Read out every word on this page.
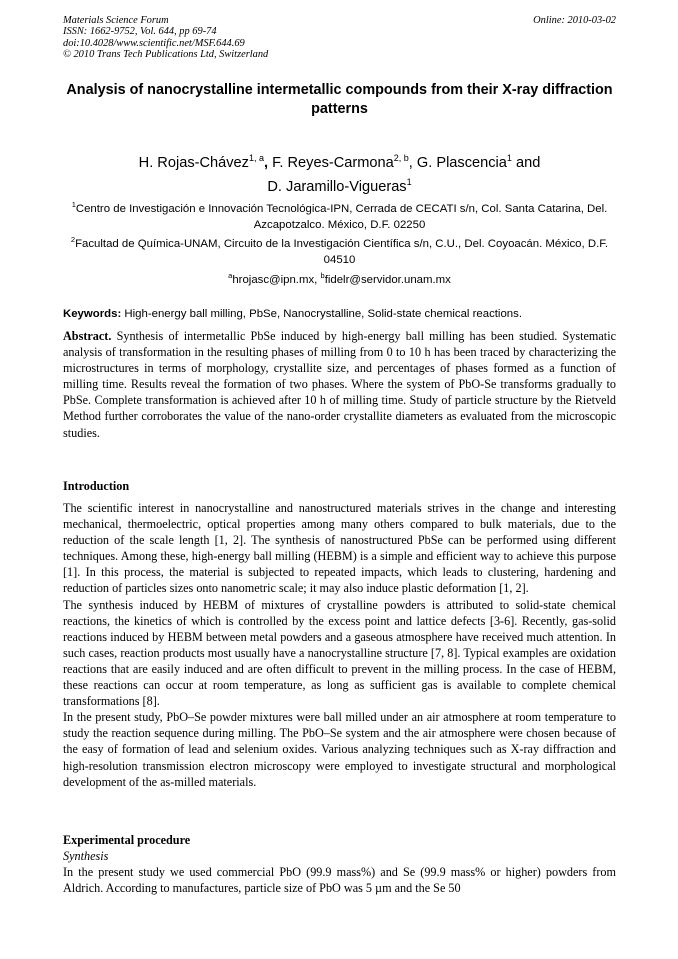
Materials Science Forum
ISSN: 1662-9752, Vol. 644, pp 69-74
doi:10.4028/www.scientific.net/MSF.644.69
© 2010 Trans Tech Publications Ltd, Switzerland
Online: 2010-03-02
Analysis of nanocrystalline intermetallic compounds from their X-ray diffraction patterns
H. Rojas-Chávez$^{1, a}$, F. Reyes-Carmona$^{2, b}$, G. Plascencia$^1$ and
D. Jaramillo-Vigueras$^1$
$^1$Centro de Investigación e Innovación Tecnológica-IPN, Cerrada de CECATI s/n, Col. Santa Catarina, Del. Azcapotzalco. México, D.F. 02250
$^2$Facultad de Química-UNAM, Circuito de la Investigación Científica s/n, C.U., Del. Coyoacán. México, D.F. 04510
$^a$hrojasc@ipn.mx, $^b$fidelr@servidor.unam.mx
Keywords: High-energy ball milling, PbSe, Nanocrystalline, Solid-state chemical reactions.
Abstract. Synthesis of intermetallic PbSe induced by high-energy ball milling has been studied. Systematic analysis of transformation in the resulting phases of milling from 0 to 10 h has been traced by characterizing the microstructures in terms of morphology, crystallite size, and percentages of phases formed as a function of milling time. Results reveal the formation of two phases. Where the system of PbO-Se transforms gradually to PbSe. Complete transformation is achieved after 10 h of milling time. Study of particle structure by the Rietveld Method further corroborates the value of the nano-order crystallite diameters as evaluated from the microscopic studies.
Introduction

The scientific interest in nanocrystalline and nanostructured materials strives in the change and interesting mechanical, thermoelectric, optical properties among many others compared to bulk materials, due to the reduction of the scale length [1, 2]. The synthesis of nanostructured PbSe can be performed using different techniques. Among these, high-energy ball milling (HEBM) is a simple and efficient way to achieve this purpose [1]. In this process, the material is subjected to repeated impacts, which leads to clustering, hardening and reduction of particles sizes onto nanometric scale; it may also induce plastic deformation [1, 2].

The synthesis induced by HEBM of mixtures of crystalline powders is attributed to solid-state chemical reactions, the kinetics of which is controlled by the excess point and lattice defects [3-6]. Recently, gas-solid reactions induced by HEBM between metal powders and a gaseous atmosphere have received much attention. In such cases, reaction products most usually have a nanocrystalline structure [7, 8]. Typical examples are oxidation reactions that are easily induced and are often difficult to prevent in the milling process. In the case of HEBM, these reactions can occur at room temperature, as long as sufficient gas is available to complete chemical transformations [8].

In the present study, PbO–Se powder mixtures were ball milled under an air atmosphere at room temperature to study the reaction sequence during milling. The PbO–Se system and the air atmosphere were chosen because of the easy of formation of lead and selenium oxides. Various analyzing techniques such as X-ray diffraction and high-resolution transmission electron microscopy were employed to investigate structural and morphological development of the as-milled materials.

Experimental procedure
Synthesis
In the present study we used commercial PbO (99.9 mass%) and Se (99.9 mass% or higher) powders from Aldrich. According to manufactures, particle size of PbO was 5 µm and the Se 50
